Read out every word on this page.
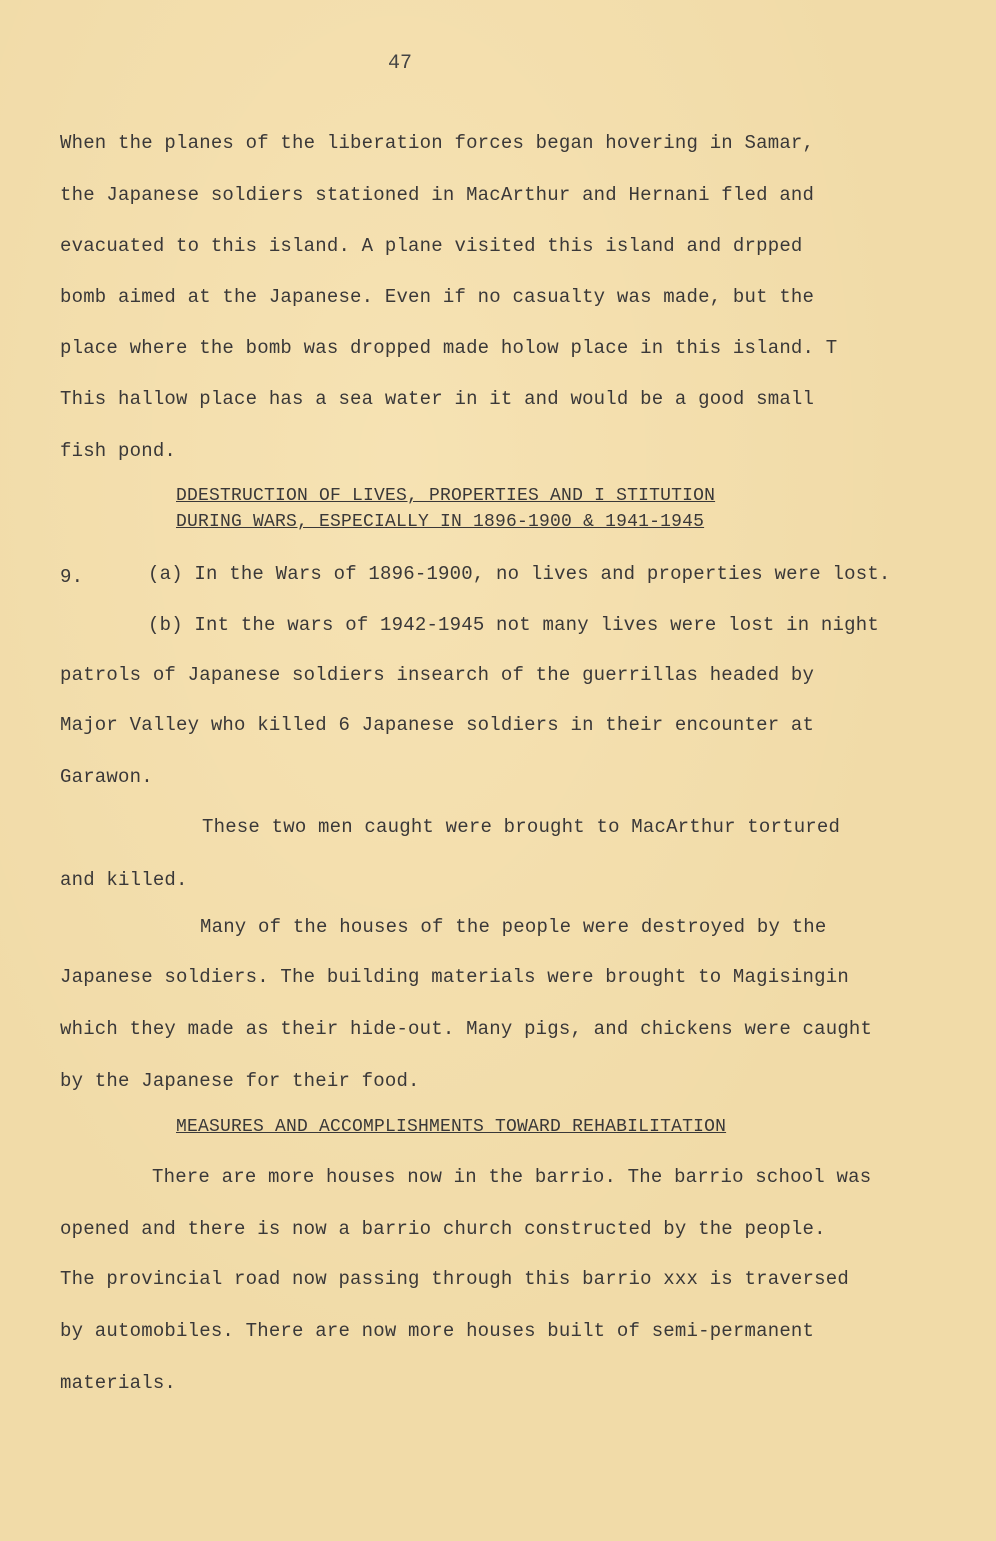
47
When the planes of the liberation forces began hovering in Samar,
the Japanese soldiers stationed in MacArthur and Hernani fled and
evacuated to this island. A plane visited this island and drpped
bomb aimed at the Japanese. Even if no casualty was made, but the
place where the bomb was dropped made holow place in this island. T
This hallow place has a sea water in it and would be a good small
fish pond.
DDESTRUCTION OF LIVES, PROPERTIES AND I STITUTION
DURING WARS, ESPECIALLY IN 1896-1900 & 1941-1945
9.	(a) In the Wars of 1896-1900, no lives and properties were lost.
(b) Int the wars of 1942-1945 not many lives were lost in night
patrols of Japanese soldiers insearch of the guerrillas headed by
Major Valley who killed 6 Japanese soldiers in their encounter at
Garawon.
These two men caught were brought to MacArthur tortured
and killed.
Many of the houses of the people were destroyed by the
Japanese soldiers. The building materials were brought to Magisingin
which they made as their hide-out. Many pigs, and chickens were caught
by the Japanese for their food.
MEASURES AND ACCOMPLISHMENTS TOWARD REHABILITATION
There are more houses now in the barrio. The barrio school was
opened and there is now a barrio church constructed by the people.
The provincial road now passing through this barrio xxx is traversed
by automobiles. There are now more houses built of semi-permanent
materials.
